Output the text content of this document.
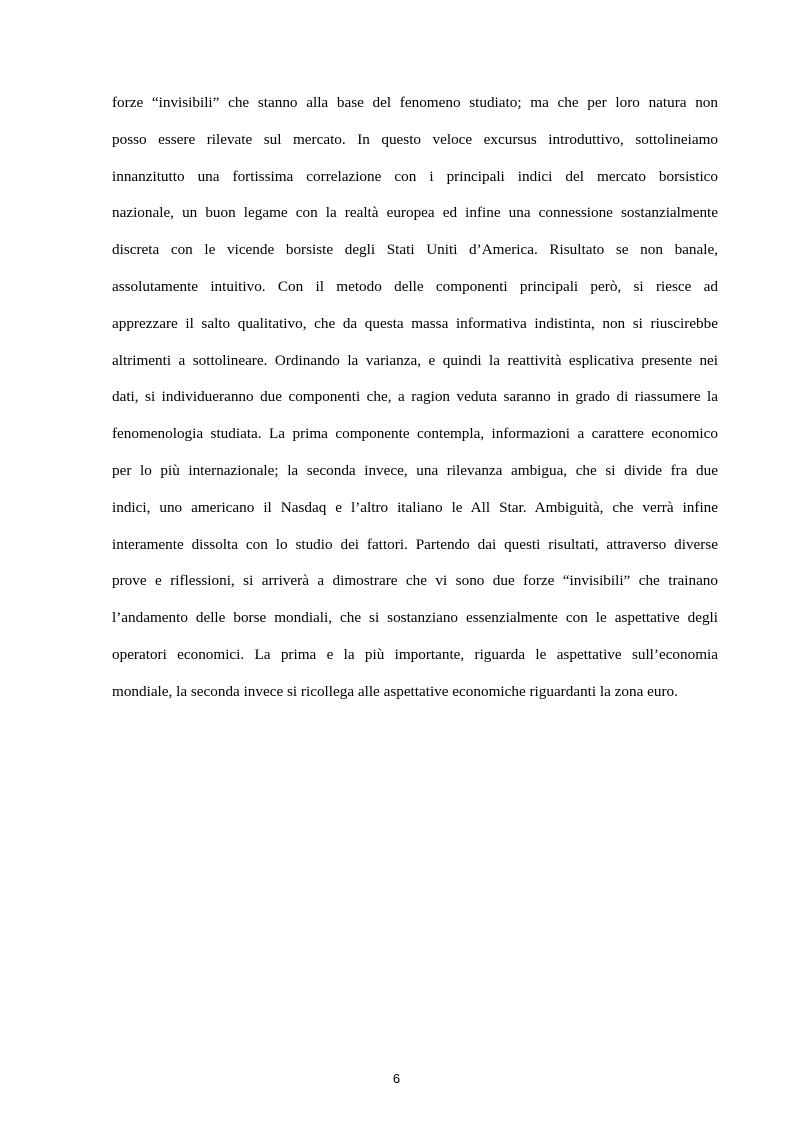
forze “invisibili” che stanno alla base del fenomeno studiato; ma che per loro natura non
posso essere rilevate sul mercato. In questo veloce excursus introduttivo, sottolineiamo
innanzitutto una fortissima correlazione con i principali indici del mercato borsistico
nazionale, un buon legame con la realtà europea ed infine una connessione sostanzialmente
discreta con le vicende borsiste degli Stati Uniti d’America. Risultato se non banale,
assolutamente intuitivo. Con il metodo delle componenti principali però, si riesce ad
apprezzare il salto qualitativo, che da questa massa informativa indistinta, non si riuscirebbe
altrimenti a sottolineare. Ordinando la varianza, e quindi la reattività esplicativa presente nei
dati, si individueranno due componenti che, a ragion veduta saranno in grado di riassumere la
fenomenologia studiata. La prima componente contempla, informazioni a carattere economico
per lo più internazionale; la seconda invece, una rilevanza ambigua, che si divide fra due
indici, uno americano il Nasdaq e l’altro italiano le All Star. Ambiguità, che verrà infine
interamente dissolta con lo studio dei fattori. Partendo dai questi risultati, attraverso diverse
prove e riflessioni, si arriverà a dimostrare che vi sono due forze “invisibili” che trainano
l’andamento delle borse mondiali, che si sostanziano essenzialmente con le aspettative degli
operatori economici. La prima e la più importante, riguarda le aspettative sull’economia
mondiale, la seconda invece si ricollega alle aspettative economiche riguardanti la zona euro.
6
